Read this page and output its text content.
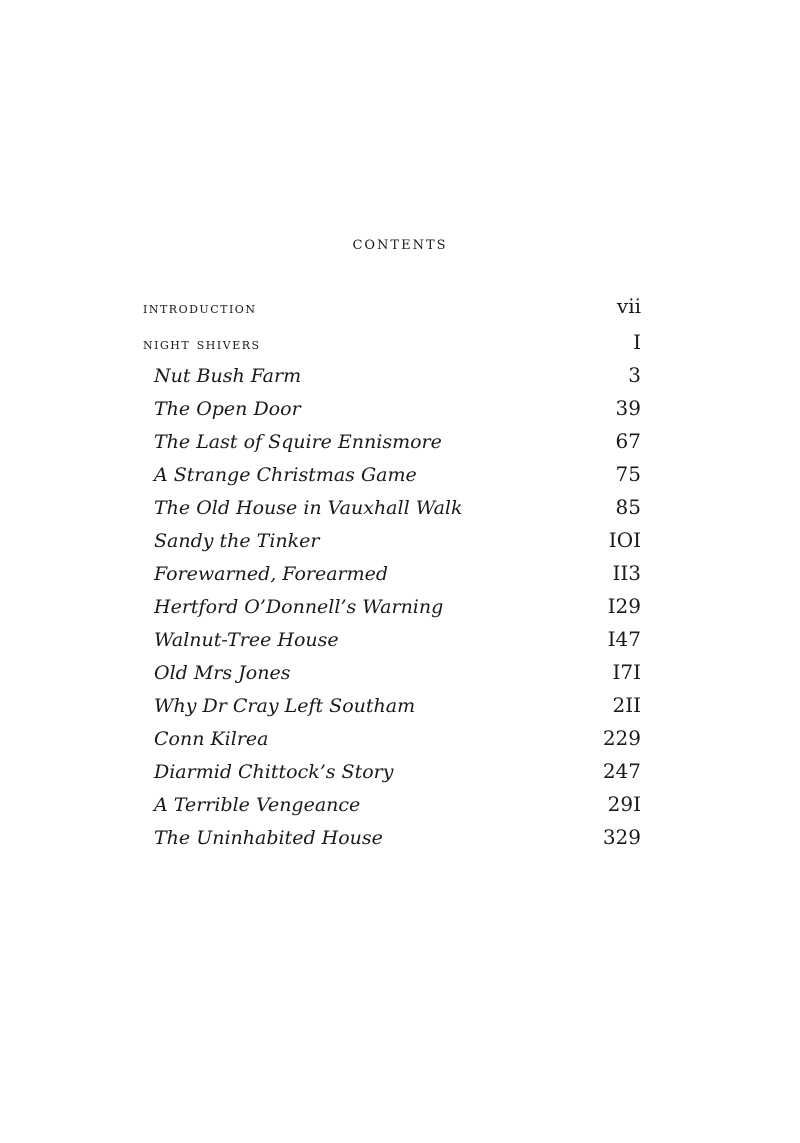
contents
introduction	vii
night shivers	I
Nut Bush Farm	3
The Open Door	39
The Last of Squire Ennismore	67
A Strange Christmas Game	75
The Old House in Vauxhall Walk	85
Sandy the Tinker	IOI
Forewarned, Forearmed	II3
Hertford O’Donnell’s Warning	I29
Walnut-Tree House	I47
Old Mrs Jones	I7I
Why Dr Cray Left Southam	2II
Conn Kilrea	229
Diarmid Chittock’s Story	247
A Terrible Vengeance	29I
The Uninhabited House	329
